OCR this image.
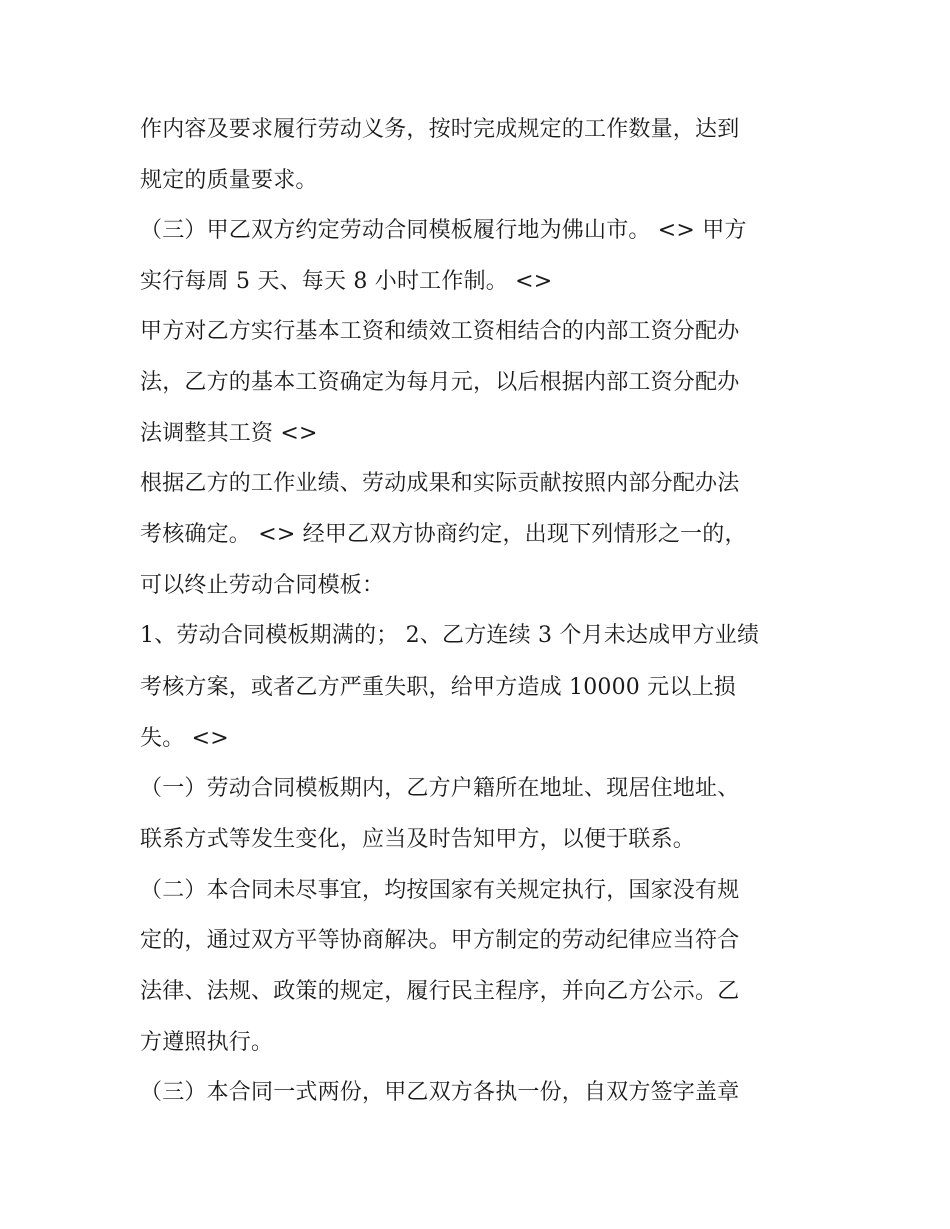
作内容及要求履行劳动义务，按时完成规定的工作数量，达到
规定的质量要求。
（三）甲乙双方约定劳动合同模板履行地为佛山市。 <> 甲方
实行每周 5 天、每天 8 小时工作制。 <>
甲方对乙方实行基本工资和绩效工资相结合的内部工资分配办
法，乙方的基本工资确定为每月元，以后根据内部工资分配办
法调整其工资 <>
根据乙方的工作业绩、劳动成果和实际贡献按照内部分配办法
考核确定。 <> 经甲乙双方协商约定，出现下列情形之一的，
可以终止劳动合同模板：
1、劳动合同模板期满的； 2、乙方连续 3 个月未达成甲方业绩
考核方案，或者乙方严重失职，给甲方造成 10000 元以上损
失。 <>
（一）劳动合同模板期内，乙方户籍所在地址、现居住地址、
联系方式等发生变化，应当及时告知甲方，以便于联系。
（二）本合同未尽事宜，均按国家有关规定执行，国家没有规
定的，通过双方平等协商解决。甲方制定的劳动纪律应当符合
法律、法规、政策的规定，履行民主程序，并向乙方公示。乙
方遵照执行。
（三）本合同一式两份，甲乙双方各执一份，自双方签字盖章
